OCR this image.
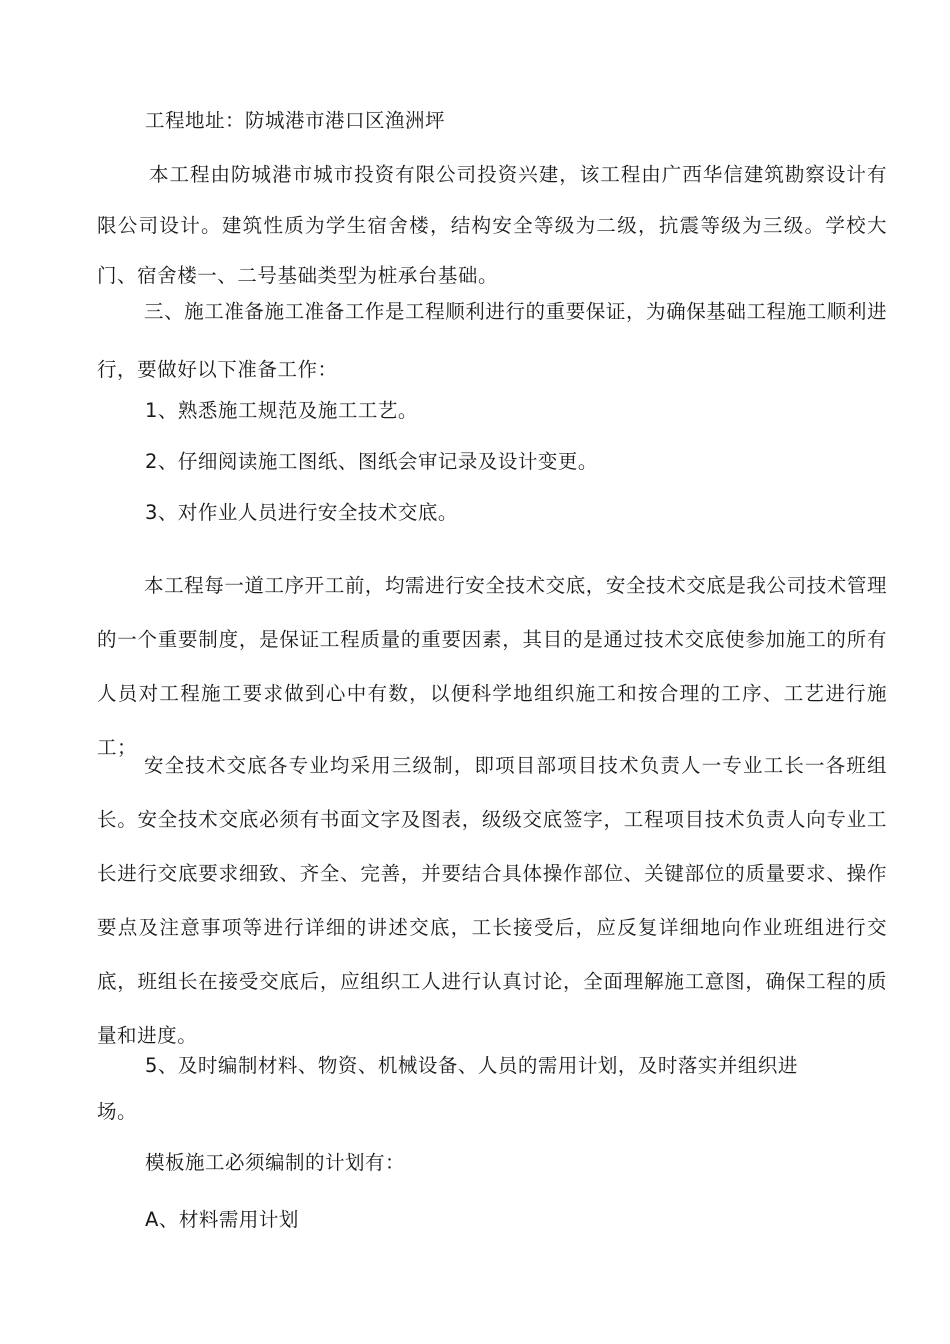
工程地址：防城港市港口区渔洲坪
本工程由防城港市城市投资有限公司投资兴建，该工程由广西华信建筑勘察设计有限公司设计。建筑性质为学生宿舍楼，结构安全等级为二级，抗震等级为三级。学校大门、宿舍楼一、二号基础类型为桩承台基础。
三、施工准备施工准备工作是工程顺利进行的重要保证，为确保基础工程施工顺利进行，要做好以下准备工作：
1、熟悉施工规范及施工工艺。
2、仔细阅读施工图纸、图纸会审记录及设计变更。
3、对作业人员进行安全技术交底。
本工程每一道工序开工前，均需进行安全技术交底，安全技术交底是我公司技术管理的一个重要制度，是保证工程质量的重要因素，其目的是通过技术交底使参加施工的所有人员对工程施工要求做到心中有数，以便科学地组织施工和按合理的工序、工艺进行施工；
安全技术交底各专业均采用三级制，即项目部项目技术负责人一专业工长一各班组长。安全技术交底必须有书面文字及图表，级级交底签字，工程项目技术负责人向专业工长进行交底要求细致、齐全、完善，并要结合具体操作部位、关键部位的质量要求、操作要点及注意事项等进行详细的讲述交底，工长接受后，应反复详细地向作业班组进行交底，班组长在接受交底后，应组织工人进行认真讨论，全面理解施工意图，确保工程的质量和进度。
5、及时编制材料、物资、机械设备、人员的需用计划，及时落实并组织进
场。
模板施工必须编制的计划有：
A、材料需用计划
